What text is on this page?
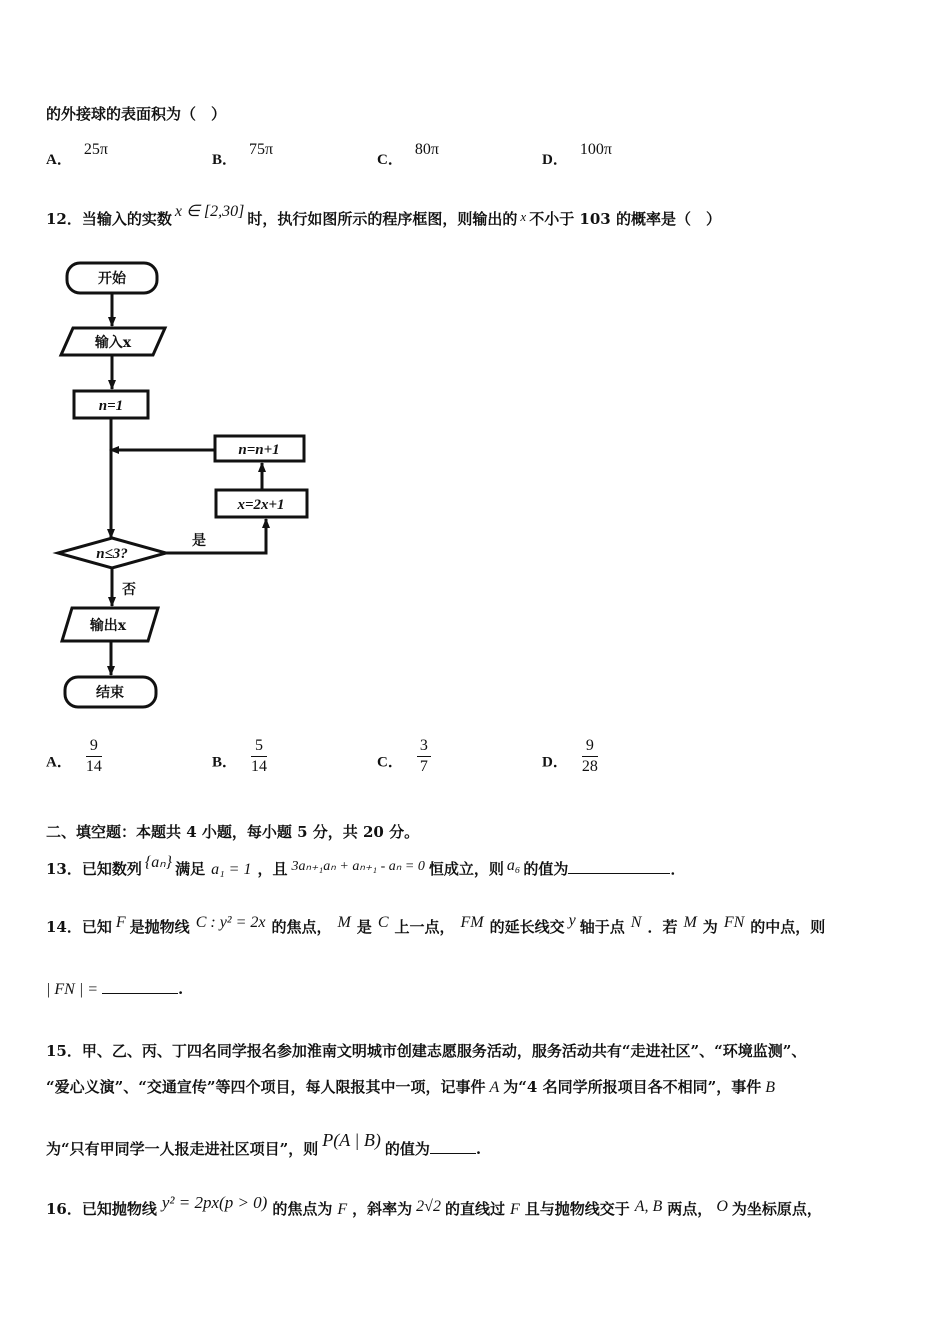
的外接球的表面积为（　）
A．25π
B．75π
C．80π
D．100π
12．当输入的实数 x ∈ [2,30] 时，执行如图所示的程序框图，则输出的 x 不小于 103 的概率是（　）
开始
输入x
n=1
n=n+1
x=2x+1
n≤3?
是
否
输出x
结束
A． $\frac{9}{14}$	B． $\frac{5}{14}$	C． $\frac{3}{7}$	D． $\frac{9}{28}$
二、填空题：本题共 4 小题，每小题 5 分，共 20 分。
13．已知数列 {aₙ} 满足 a₁ = 1 ，且 3aₙ₊₁aₙ + aₙ₊₁ - aₙ = 0 恒成立，则 a₆ 的值为	．
14．已知 F 是抛物线 C : y² = 2x 的焦点， M 是 C 上一点， FM 的延长线交 y 轴于点 N ．若 M 为 FN 的中点，则
| FN | =	.
15．甲、乙、丙、丁四名同学报名参加淮南文明城市创建志愿服务活动，服务活动共有“走进社区”、“环境监测”、
“爱心义演”、“交通宣传”等四个项目，每人限报其中一项，记事件 A 为“4 名同学所报项目各不相同”，事件 B
为“只有甲同学一人报走进社区项目”，则 P(A | B) 的值为	.
16．已知抛物线 y² = 2px(p > 0) 的焦点为 F ，斜率为 2√2 的直线过 F 且与抛物线交于 A, B 两点， O 为坐标原点，
